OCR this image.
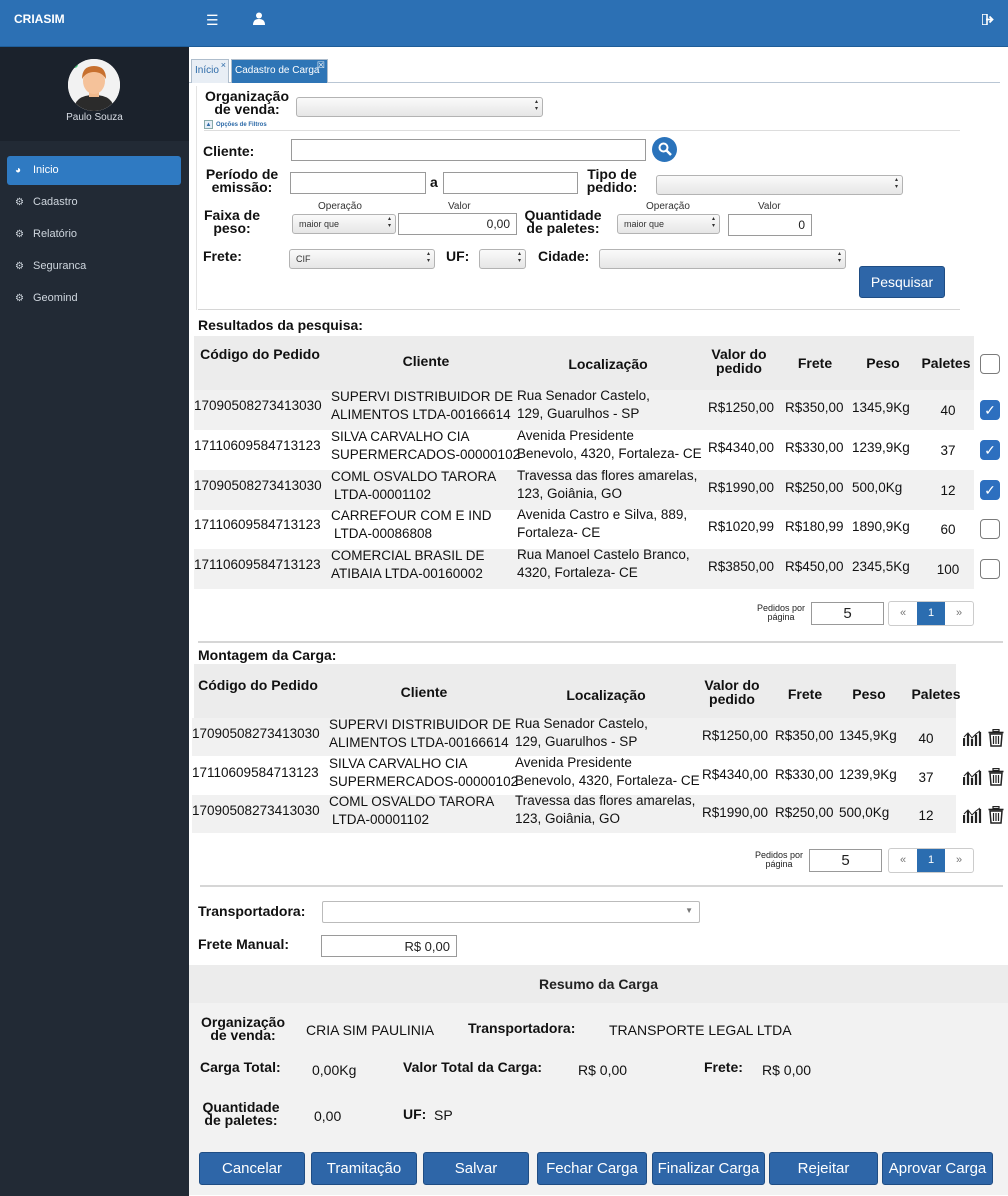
CRIASIM	☰
Paulo Souza
◕ Inicio
⚙ Cadastro
⚙ Relatório
⚙ Seguranca
⚙ Geomind
Início × Cadastro de Carga
☒
Organização de venda:
▴ ▾
▲ Opções de Filtros
Cliente:
Período de emissão:	a	Tipo de pedido:
▴ ▾
Operação	Valor
Faixa de peso:	maior que ▴ ▾	0,00
Operação	Valor
Quantidade de paletes:	maior que ▴ ▾	0
Frete:	CIF ▴ ▾	UF:
▴ ▾	Cidade:
▴ ▾
Pesquisar
Resultados da pesquisa:
Código do Pedido	Cliente	Localização
Valor do pedido	Frete	Peso	Paletes
17090508273413030
SUPERVI DISTRIBUIDOR DE
ALIMENTOS LTDA-00166614
Rua Senador Castelo,
129, Guarulhos - SP	R$1250,00 R$350,00 1345,9Kg	40	✓
17110609584713123
SILVA CARVALHO CIA
SUPERMERCADOS-00000102
Avenida Presidente
Benevolo, 4320, Fortaleza- CE R$4340,00 R$330,00 1239,9Kg	37	✓
17090508273413030
COML OSVALDO TARORA
LTDA-00001102
Travessa das flores amarelas,
123, Goiânia, GO	R$1990,00 R$250,00 500,0Kg	12	✓
17110609584713123
CARREFOUR COM E IND
LTDA-00086808
Avenida Castro e Silva, 889,
Fortaleza- CE	R$1020,99 R$180,99 1890,9Kg	60
17110609584713123
COMERCIAL BRASIL DE
ATIBAIA LTDA-00160002
Rua Manoel Castelo Branco,
4320, Fortaleza- CE	R$3850,00 R$450,00 2345,5Kg	100
Pedidos por página	5	«	1	»
Montagem da Carga:
Código do Pedido	Cliente	Localização
Valor do pedido	Frete	Peso	Paletes
17090508273413030
SUPERVI DISTRIBUIDOR DE
ALIMENTOS LTDA-00166614
Rua Senador Castelo,
129, Guarulhos - SP	R$1250,00 R$350,00 1345,9Kg	40
17110609584713123
SILVA CARVALHO CIA
SUPERMERCADOS-00000102
Avenida Presidente
Benevolo, 4320, Fortaleza- CE R$4340,00 R$330,00 1239,9Kg	37
17090508273413030
COML OSVALDO TARORA
LTDA-00001102
Travessa das flores amarelas,
123, Goiânia, GO	R$1990,00 R$250,00 500,0Kg	12
Pedidos por página	5	«	1	»
Transportadora:	▼
Frete Manual:	R$ 0,00
Resumo da Carga
Organização de venda:	CRIA SIM PAULINIA Transportadora: TRANSPORTE LEGAL LTDA
Carga Total: 0,00Kg	Valor Total da Carga:	R$ 0,00	Frete: R$ 0,00
Quantidade de paletes:	0,00	UF: SP
Cancelar	Tramitação	Salvar	Fechar Carga	Finalizar Carga	Rejeitar	Aprovar Carga
